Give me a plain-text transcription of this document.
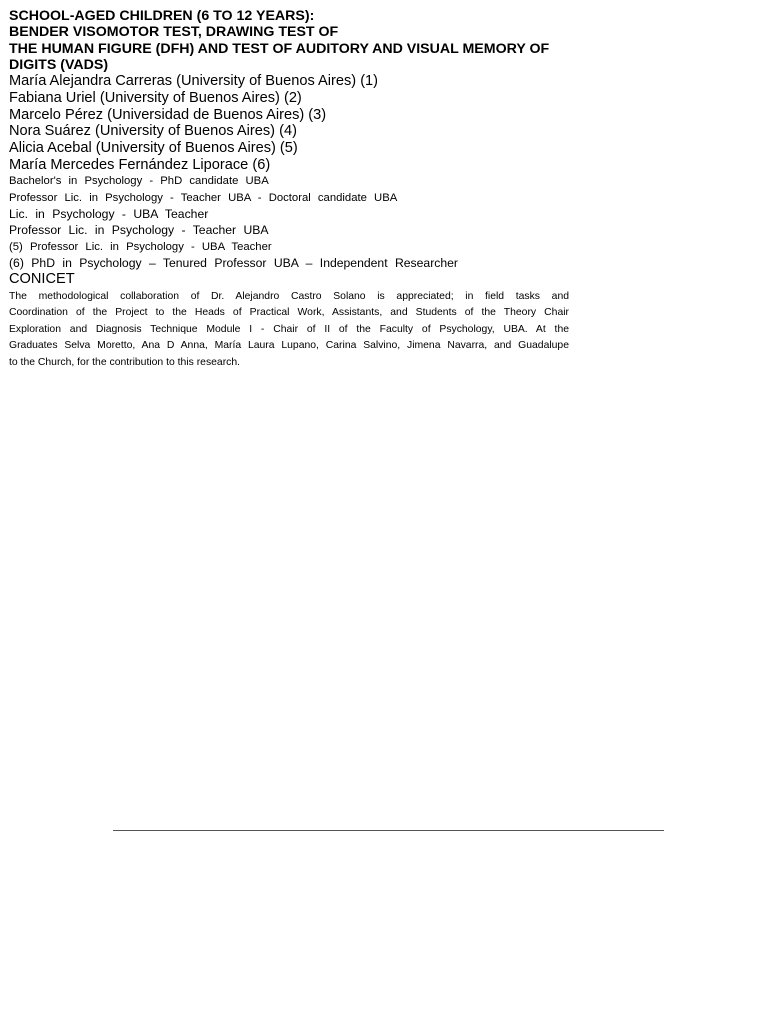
SCHOOL-AGED CHILDREN (6 TO 12 YEARS):

BENDER VISOMOTOR TEST, DRAWING TEST OF

THE HUMAN FIGURE (DFH) AND TEST OF AUDITORY AND VISUAL MEMORY OF

DIGITS (VADS)

María Alejandra Carreras (University of Buenos Aires) (1)

Fabiana Uriel (University of Buenos Aires) (2)

Marcelo Pérez (Universidad de Buenos Aires) (3)

Nora Suárez (University of Buenos Aires) (4)

Alicia Acebal (University of Buenos Aires) (5)

María Mercedes Fernández Liporace (6)

Bachelor's in Psychology - PhD candidate UBA

Professor Lic. in Psychology - Teacher UBA - Doctoral candidate UBA

Lic. in Psychology - UBA Teacher

Professor Lic. in Psychology - Teacher UBA

(5) Professor Lic. in Psychology - UBA Teacher

(6) PhD in Psychology – Tenured Professor UBA – Independent Researcher

CONICET

The methodological collaboration of Dr. Alejandro Castro Solano is appreciated; in field tasks and
Coordination of the Project to the Heads of Practical Work, Assistants, and Students of the Theory Chair
Exploration and Diagnosis Technique Module I - Chair of II of the Faculty of Psychology, UBA. At the
Graduates Selva Moretto, Ana D Anna, María Laura Lupano, Carina Salvino, Jimena Navarra, and Guadalupe
to the Church, for the contribution to this research.
